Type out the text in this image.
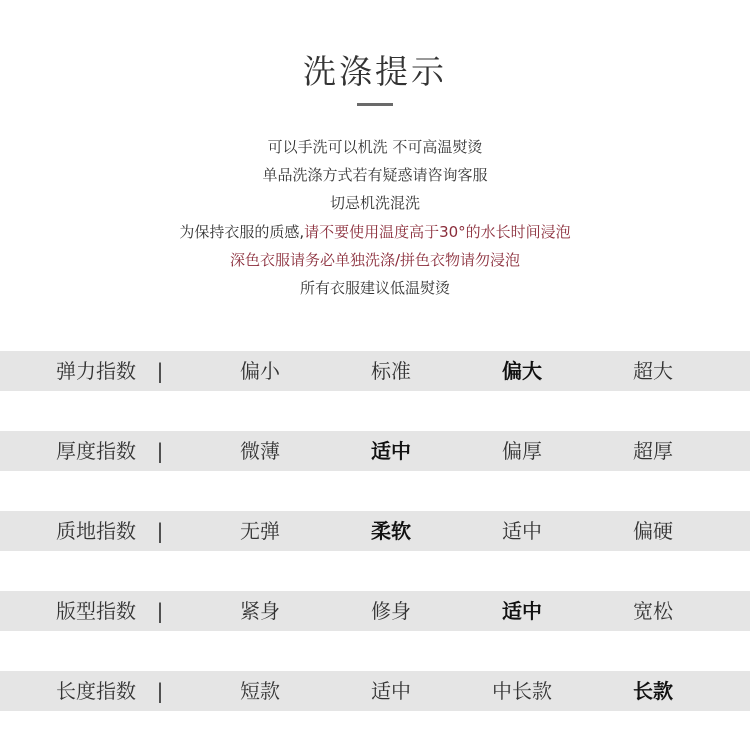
洗涤提示
可以手洗可以机洗 不可高温熨烫
单品洗涤方式若有疑惑请咨询客服
切忌机洗混洗
为保持衣服的质感,请不要使用温度高于30°的水长时间浸泡
深色衣服请务必单独洗涤/拼色衣物请勿浸泡
所有衣服建议低温熨烫
弹力指数	|	偏小	标准	偏大	超大
厚度指数	|	微薄	适中	偏厚	超厚
质地指数	|	无弹	柔软	适中	偏硬
版型指数	|	紧身	修身	适中	宽松
长度指数	|	短款	适中	中长款	长款
